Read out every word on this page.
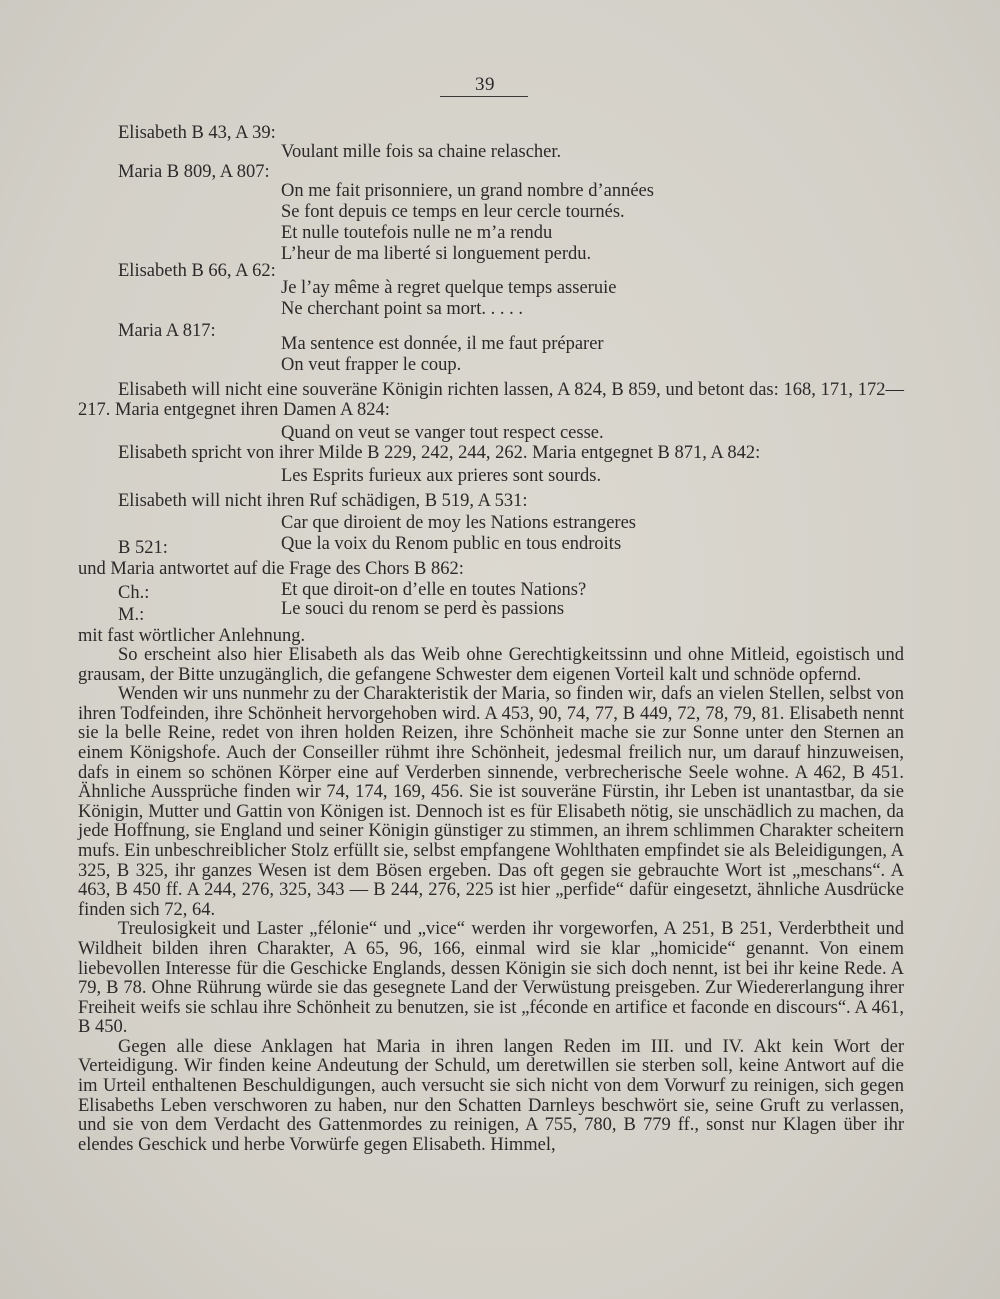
39
Elisabeth B 43, A 39:
Voulant mille fois sa chaine relascher.
Maria B 809, A 807:
On me fait prisonniere, un grand nombre d’années
Se font depuis ce temps en leur cercle tournés.
Et nulle toutefois nulle ne m’a rendu
L’heur de ma liberté si longuement perdu.
Elisabeth B 66, A 62:
Je l’ay même à regret quelque temps asseruie
Ne cherchant point sa mort. . . . .
Maria A 817:
Ma sentence est donnée, il me faut préparer
On veut frapper le coup.

Elisabeth will nicht eine souveräne Königin richten lassen, A 824, B 859, und betont das: 168, 171, 172—217. Maria entgegnet ihren Damen A 824:

Quand on veut se vanger tout respect cesse.

Elisabeth spricht von ihrer Milde B 229, 242, 244, 262. Maria entgegnet B 871, A 842:

Les Esprits furieux aux prieres sont sourds.

Elisabeth will nicht ihren Ruf schädigen, B 519, A 531:

Car que diroient de moy les Nations estrangeres
B 521:	Que la voix du Renom public en tous endroits

und Maria antwortet auf die Frage des Chors B 862:

Ch.:	Et que diroit-on d’elle en toutes Nations?
M.:	Le souci du renom se perd ès passions

mit fast wörtlicher Anlehnung.

So erscheint also hier Elisabeth als das Weib ohne Gerechtigkeitssinn und ohne Mitleid, egoistisch und grausam, der Bitte unzugänglich, die gefangene Schwester dem eigenen Vorteil kalt und schnöde opfernd.

Wenden wir uns nunmehr zu der Charakteristik der Maria, so finden wir, dafs an vielen Stellen, selbst von ihren Todfeinden, ihre Schönheit hervorgehoben wird. A 453, 90, 74, 77, B 449, 72, 78, 79, 81. Elisabeth nennt sie la belle Reine, redet von ihren holden Reizen, ihre Schönheit mache sie zur Sonne unter den Sternen an einem Königshofe. Auch der Conseiller rühmt ihre Schönheit, jedesmal freilich nur, um darauf hinzuweisen, dafs in einem so schönen Körper eine auf Verderben sinnende, verbrecherische Seele wohne. A 462, B 451. Ähnliche Aussprüche finden wir 74, 174, 169, 456. Sie ist souveräne Fürstin, ihr Leben ist unantastbar, da sie Königin, Mutter und Gattin von Königen ist. Dennoch ist es für Elisabeth nötig, sie unschädlich zu machen, da jede Hoffnung, sie England und seiner Königin günstiger zu stimmen, an ihrem schlimmen Charakter scheitern mufs. Ein unbeschreiblicher Stolz erfüllt sie, selbst empfangene Wohlthaten empfindet sie als Beleidigungen, A 325, B 325, ihr ganzes Wesen ist dem Bösen ergeben. Das oft gegen sie gebrauchte Wort ist „meschans“. A 463, B 450 ff. A 244, 276, 325, 343 — B 244, 276, 225 ist hier „perfide“ dafür eingesetzt, ähnliche Ausdrücke finden sich 72, 64.

Treulosigkeit und Laster „félonie“ und „vice“ werden ihr vorgeworfen, A 251, B 251, Verderbtheit und Wildheit bilden ihren Charakter, A 65, 96, 166, einmal wird sie klar „homicide“ genannt. Von einem liebevollen Interesse für die Geschicke Englands, dessen Königin sie sich doch nennt, ist bei ihr keine Rede. A 79, B 78. Ohne Rührung würde sie das gesegnete Land der Verwüstung preisgeben. Zur Wiedererlangung ihrer Freiheit weifs sie schlau ihre Schönheit zu benutzen, sie ist „féconde en artifice et faconde en discours“. A 461, B 450.

Gegen alle diese Anklagen hat Maria in ihren langen Reden im III. und IV. Akt kein Wort der Verteidigung. Wir finden keine Andeutung der Schuld, um deretwillen sie sterben soll, keine Antwort auf die im Urteil enthaltenen Beschuldigungen, auch versucht sie sich nicht von dem Vorwurf zu reinigen, sich gegen Elisabeths Leben verschworen zu haben, nur den Schatten Darnleys beschwört sie, seine Gruft zu verlassen, und sie von dem Verdacht des Gattenmordes zu reinigen, A 755, 780, B 779 ff., sonst nur Klagen über ihr elendes Geschick und herbe Vorwürfe gegen Elisabeth. Himmel,
